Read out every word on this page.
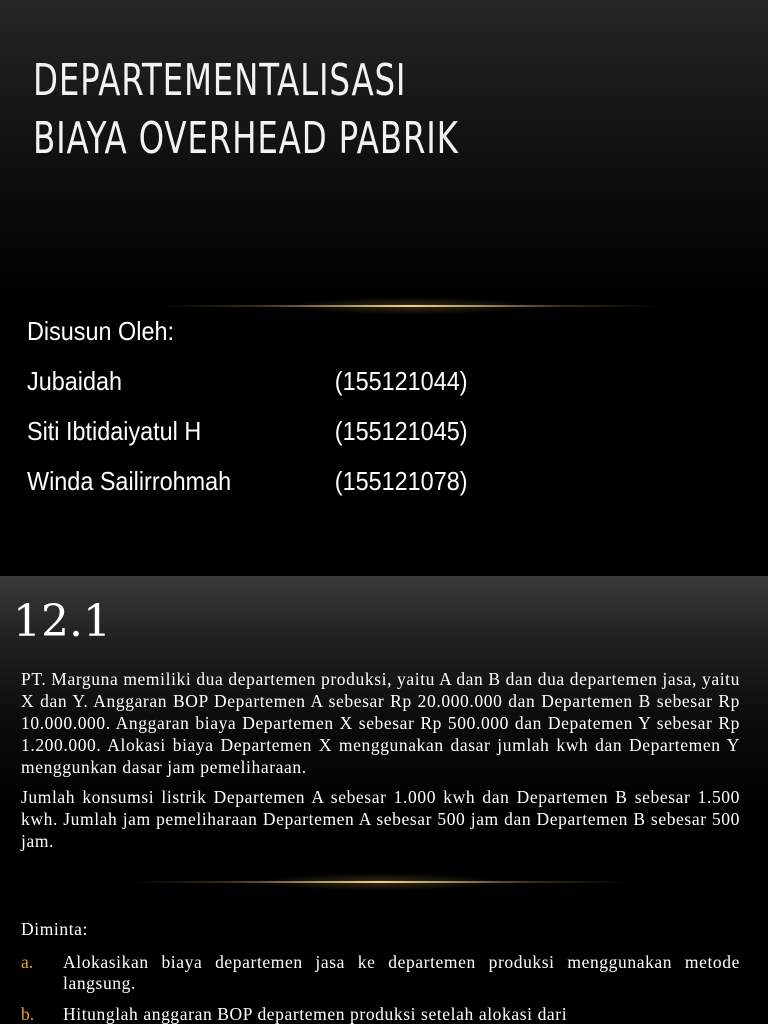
DEPARTEMENTALISASI
BIAYA OVERHEAD PABRIK
Disusun Oleh:
Jubaidah	(155121044)
Siti Ibtidaiyatul H	(155121045)
Winda Sailirrohmah	(155121078)
12.1

PT. Marguna memiliki dua departemen produksi, yaitu A dan B dan dua departemen jasa, yaitu X dan Y. Anggaran BOP Departemen A sebesar Rp 20.000.000 dan Departemen B sebesar Rp 10.000.000. Anggaran biaya Departemen X sebesar Rp 500.000 dan Depatemen Y sebesar Rp 1.200.000. Alokasi biaya Departemen X menggunakan dasar jumlah kwh dan Departemen Y menggunkan dasar jam pemeliharaan.

Jumlah konsumsi listrik Departemen A sebesar 1.000 kwh dan Departemen B sebesar 1.500 kwh. Jumlah jam pemeliharaan Departemen A sebesar 500 jam dan Departemen B sebesar 500 jam.

Diminta:
a.	Alokasikan biaya departemen jasa ke departemen produksi menggunakan metode langsung.
b.	Hitunglah anggaran BOP departemen produksi setelah alokasi dari
